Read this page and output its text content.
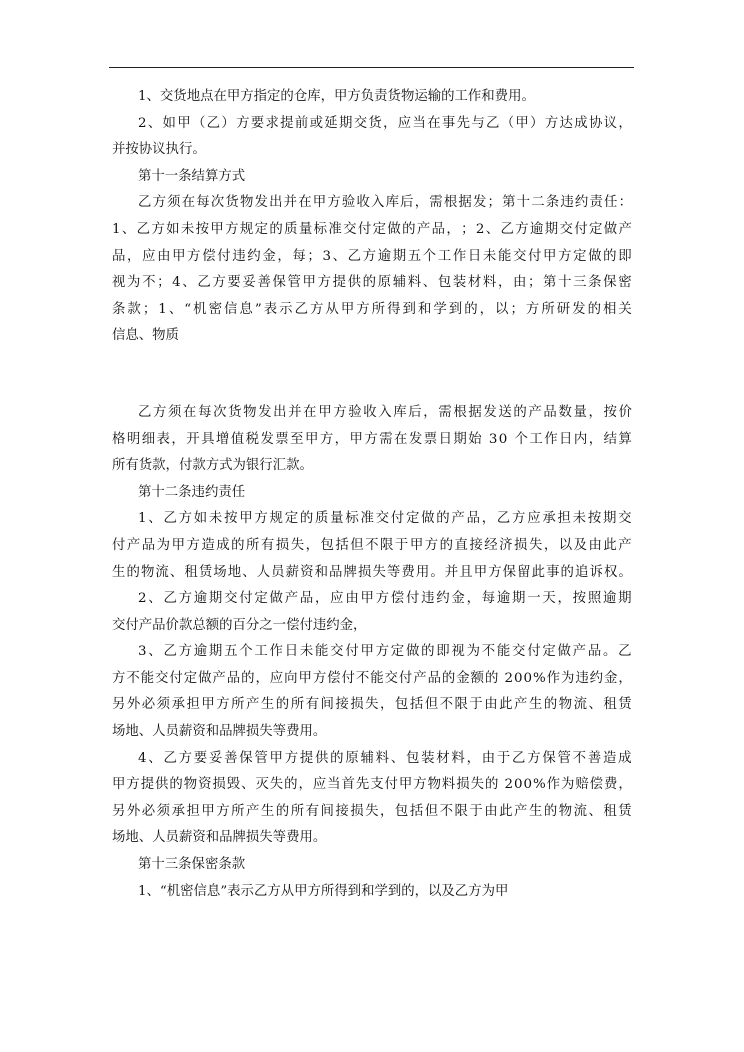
1、交货地点在甲方指定的仓库，甲方负责货物运输的工作和费用。

2 、 如 甲 （ 乙 ） 方 要 求 提 前 或 延 期 交 货 ， 应 当 在 事 先 与 乙 （ 甲 ） 方 达 成 协 议 ，

并按协议执行。

第十一条结算方式

乙 方 须 在 每 次 货 物 发 出 并 在 甲 方 验 收 入 库 后 ， 需 根 据 发 ； 第 十 二 条 违 约 责 任 ：

1 、 乙 方 如 未 按 甲 方 规 定 的 质 量 标 准 交 付 定 做 的 产 品 ， ； 2 、 乙 方 逾 期 交 付 定 做 产

品 ， 应 由 甲 方 偿 付 违 约 金 ， 每 ； 3 、 乙 方 逾 期 五 个 工 作 日 未 能 交 付 甲 方 定 做 的 即

视 为 不 ； 4 、 乙 方 要 妥 善 保 管 甲 方 提 供 的 原 辅 料 、 包 装 材 料 ， 由 ； 第 十 三 条 保 密

条 款 ； 1 、 “ 机 密 信 息 ” 表 示 乙 方 从 甲 方 所 得 到 和 学 到 的 ， 以 ； 方 所 研 发 的 相 关

信息、物质

乙 方 须 在 每 次 货 物 发 出 并 在 甲 方 验 收 入 库 后 ， 需 根 据 发 送 的 产 品 数 量 ， 按 价

格 明 细 表 ， 开 具 增 值 税 发 票 至 甲 方 ， 甲 方 需 在 发 票 日 期 始
3 0
个 工 作 日 内 ， 结 算

所有货款，付款方式为银行汇款。

第十二条违约责任

1 、 乙 方 如 未 按 甲 方 规 定 的 质 量 标 准 交 付 定 做 的 产 品 ， 乙 方 应 承 担 未 按 期 交

付 产 品 为 甲 方 造 成 的 所 有 损 失 ， 包 括 但 不 限 于 甲 方 的 直 接 经 济 损 失 ， 以 及 由 此 产

生 的 物 流 、 租 赁 场 地 、 人 员 薪 资 和 品 牌 损 失 等 费 用 。 并 且 甲 方 保 留 此 事 的 追 诉 权 。

2 、 乙 方 逾 期 交 付 定 做 产 品 ， 应 由 甲 方 偿 付 违 约 金 ， 每 逾 期 一 天 ， 按 照 逾 期

交付产品价款总额的百分之一偿付违约金，

3 、 乙 方 逾 期 五 个 工 作 日 未 能 交 付 甲 方 定 做 的 即 视 为 不 能 交 付 定 做 产 品 。 乙

方 不 能 交 付 定 做 产 品 的 ， 应 向 甲 方 偿 付 不 能 交 付 产 品 的 金 额 的
2 0 0 % 作 为 违 约 金 ，

另 外 必 须 承 担 甲 方 所 产 生 的 所 有 间 接 损 失 ， 包 括 但 不 限 于 由 此 产 生 的 物 流 、 租 赁

场地、人员薪资和品牌损失等费用。

4 、 乙 方 要 妥 善 保 管 甲 方 提 供 的 原 辅 料 、 包 装 材 料 ， 由 于 乙 方 保 管 不 善 造 成

甲 方 提 供 的 物 资 损 毁 、 灭 失 的 ， 应 当 首 先 支 付 甲 方 物 料 损 失 的
2 0 0 % 作 为 赔 偿 费 ，

另 外 必 须 承 担 甲 方 所 产 生 的 所 有 间 接 损 失 ， 包 括 但 不 限 于 由 此 产 生 的 物 流 、 租 赁

场地、人员薪资和品牌损失等费用。

第十三条保密条款

1、“机密信息”表示乙方从甲方所得到和学到的，以及乙方为甲
